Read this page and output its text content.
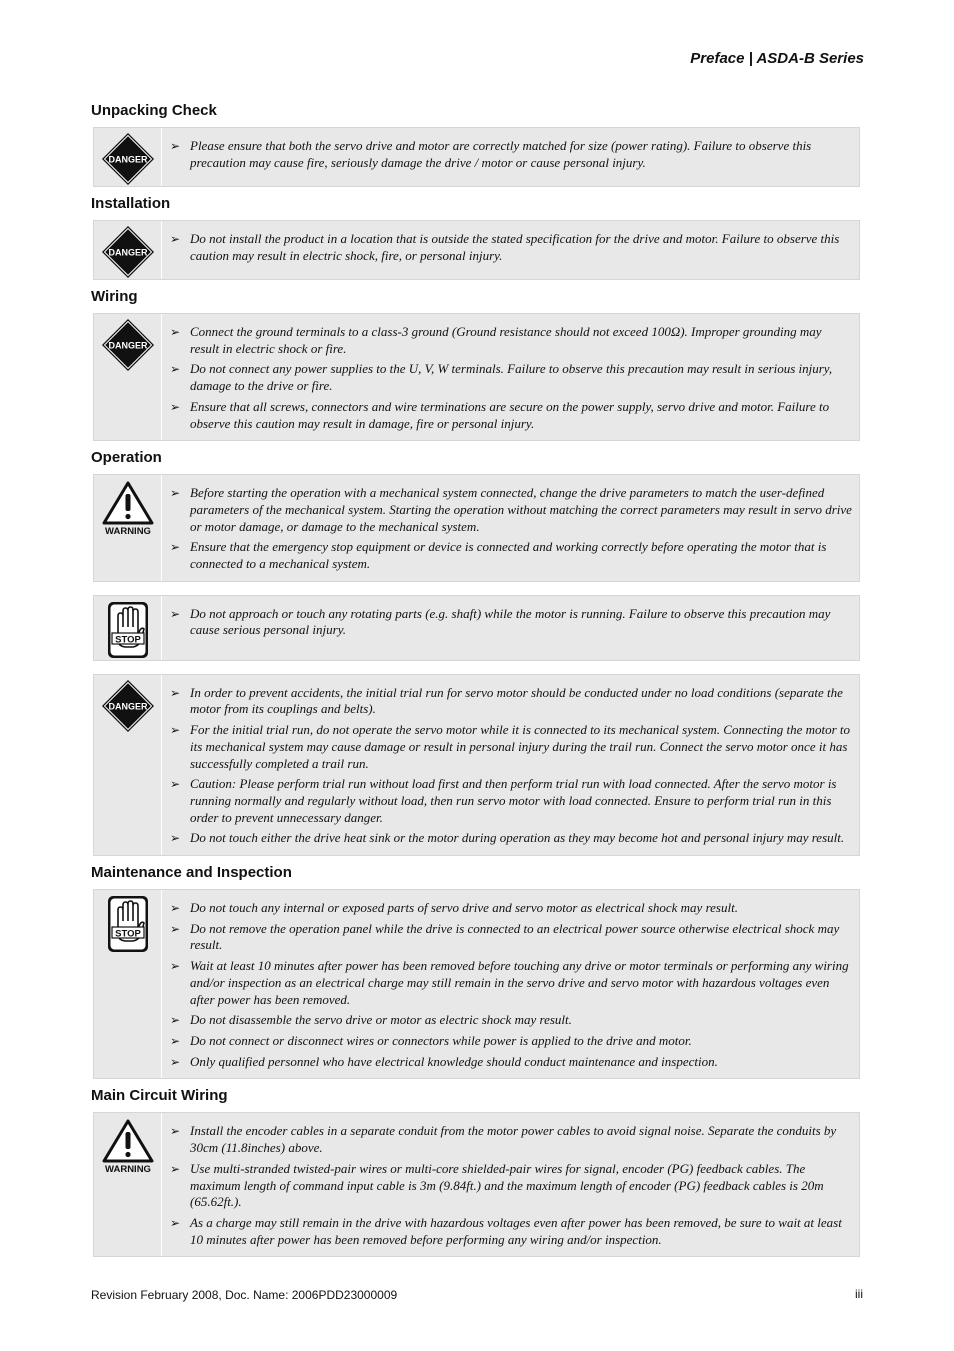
Preface | ASDA-B Series
Unpacking Check
DANGER
➢ Please ensure that both the servo drive and motor are correctly matched for size (power rating). Failure to observe this precaution may cause fire, seriously damage the drive / motor or cause personal injury.
Installation
DANGER
➢ Do not install the product in a location that is outside the stated specification for the drive and motor. Failure to observe this caution may result in electric shock, fire, or personal injury.
Wiring
DANGER
➢ Connect the ground terminals to a class-3 ground (Ground resistance should not exceed 100Ω). Improper grounding may result in electric shock or fire.
➢ Do not connect any power supplies to the U, V, W terminals. Failure to observe this precaution may result in serious injury, damage to the drive or fire.
➢ Ensure that all screws, connectors and wire terminations are secure on the power supply, servo drive and motor. Failure to observe this caution may result in damage, fire or personal injury.
Operation
WARNING
➢ Before starting the operation with a mechanical system connected, change the drive parameters to match the user-defined parameters of the mechanical system. Starting the operation without matching the correct parameters may result in servo drive or motor damage, or damage to the mechanical system.
➢ Ensure that the emergency stop equipment or device is connected and working correctly before operating the motor that is connected to a mechanical system.
STOP
➢ Do not approach or touch any rotating parts (e.g. shaft) while the motor is running. Failure to observe this precaution may cause serious personal injury.
DANGER
➢ In order to prevent accidents, the initial trial run for servo motor should be conducted under no load conditions (separate the motor from its couplings and belts).
➢ For the initial trial run, do not operate the servo motor while it is connected to its mechanical system. Connecting the motor to its mechanical system may cause damage or result in personal injury during the trail run. Connect the servo motor once it has successfully completed a trail run.
➢ Caution: Please perform trial run without load first and then perform trial run with load connected. After the servo motor is running normally and regularly without load, then run servo motor with load connected. Ensure to perform trial run in this order to prevent unnecessary danger.
➢ Do not touch either the drive heat sink or the motor during operation as they may become hot and personal injury may result.
Maintenance and Inspection
STOP
➢ Do not touch any internal or exposed parts of servo drive and servo motor as electrical shock may result.
➢ Do not remove the operation panel while the drive is connected to an electrical power source otherwise electrical shock may result.
➢ Wait at least 10 minutes after power has been removed before touching any drive or motor terminals or performing any wiring and/or inspection as an electrical charge may still remain in the servo drive and servo motor with hazardous voltages even after power has been removed.
➢ Do not disassemble the servo drive or motor as electric shock may result.
➢ Do not connect or disconnect wires or connectors while power is applied to the drive and motor.
➢ Only qualified personnel who have electrical knowledge should conduct maintenance and inspection.
Main Circuit Wiring
WARNING
➢ Install the encoder cables in a separate conduit from the motor power cables to avoid signal noise. Separate the conduits by 30cm (11.8inches) above.
➢ Use multi-stranded twisted-pair wires or multi-core shielded-pair wires for signal, encoder (PG) feedback cables. The maximum length of command input cable is 3m (9.84ft.) and the maximum length of encoder (PG) feedback cables is 20m (65.62ft.).
➢ As a charge may still remain in the drive with hazardous voltages even after power has been removed, be sure to wait at least 10 minutes after power has been removed before performing any wiring and/or inspection.
Revision February 2008, Doc. Name: 2006PDD23000009	iii
